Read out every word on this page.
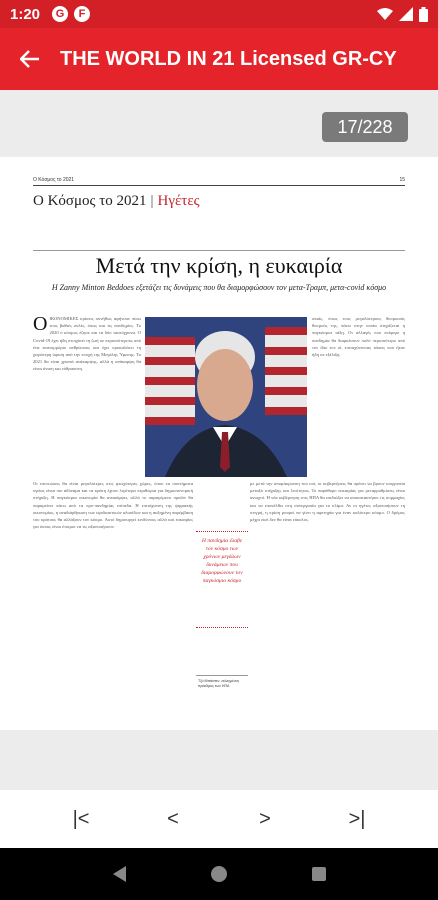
1:20	G	F
THE WORLD IN 21 Licensed GR-CY
17/228
Ο Κόσμος το 2021	15
Ο Κόσμος το 2021 | Ηγέτες
Μετά την κρίση, η ευκαιρία
Η Zanny Minton Beddoes εξετάζει τις δυνάμεις που θα διαμορφώσουν τον μετα-Τραμπ, μετα-covid κόσμο
Ο ΙΚΟΝΟΜΙΚΕΣ κρίσεις συνήθως αφήνουν πίσω τους βαθιές ουλές, όπως και τις πανδημίες. Το 2020 ο κόσμος έζησε και τα δύο ταυτόχρονα. Ο Covid-19 έχει ήδη στοιχίσει τη ζωή σε περισσότερους από ένα εκατομμύριο ανθρώπους και έχει προκαλέσει τη χειρότερη ύφεση από την εποχή της Μεγάλης Ύφεσης. Το 2021 θα είναι χρονιά ανάκαμψης, αλλά η ανάκαμψη θα είναι άνιση και εύθραυστη.
σκιάς, όπως τους μεγαλύτερους θεσμικούς θεσμούς της, πάνω στην οποία στηρίζεται η παγκόσμια τάξη. Οι αλλαγές που επέφερε η πανδημία θα διαρκέσουν πολύ περισσότερο από τον ίδιο τον ιό, επιταχύνοντας τάσεις που ήταν ήδη σε εξέλιξη.
Οι επιπτώσεις θα είναι μεγαλύτερες στις φτωχότερες χώρες, όπου τα συστήματα υγείας είναι πιο αδύναμα και τα κράτη έχουν λιγότερα περιθώρια για δημοσιονομική στήριξη. Η παγκόσμια οικονομία θα ανακάμψει, αλλά το παραγόμενο προϊόν θα παραμείνει κάτω από τα προ-πανδημίας επίπεδα. Η επιτάχυνση της ψηφιακής οικονομίας, η αναδιάρθρωση των εφοδιαστικών αλυσίδων και η αυξημένη παρέμβαση του κράτους θα αλλάξουν τον κόσμο. Αυτό δημιουργεί κινδύνους αλλά και ευκαιρίες για όσους είναι έτοιμοι να τις αξιοποιήσουν.
Η πανδημία έλαβε τον κόσμο των χρόνων μεγάλων δυνάμεων που διαμορφώνουν τον παγκόσμιο κόσμο
Τζο Μπάιντεν, εκλεγμένος πρόεδρος των ΗΠΑ
με μετά την απομάκρυνση του ιού, οι κυβερνήσεις θα πρέπει να βρουν ισορροπία μεταξύ στήριξης και λιτότητας. Το παράθυρο ευκαιρίας για μεταρρυθμίσεις είναι ανοιχτό. Η νέα κυβέρνηση στις ΗΠΑ θα επιδιώξει να αποκαταστήσει τις συμμαχίες και να επανέλθει στη συνεργασία για το κλίμα. Αν οι ηγέτες αξιοποιήσουν τη στιγμή, η κρίση μπορεί να γίνει η αφετηρία για έναν καλύτερο κόσμο. Ο δρόμος μέχρι εκεί δεν θα είναι εύκολος.
|<	<	>	>|
